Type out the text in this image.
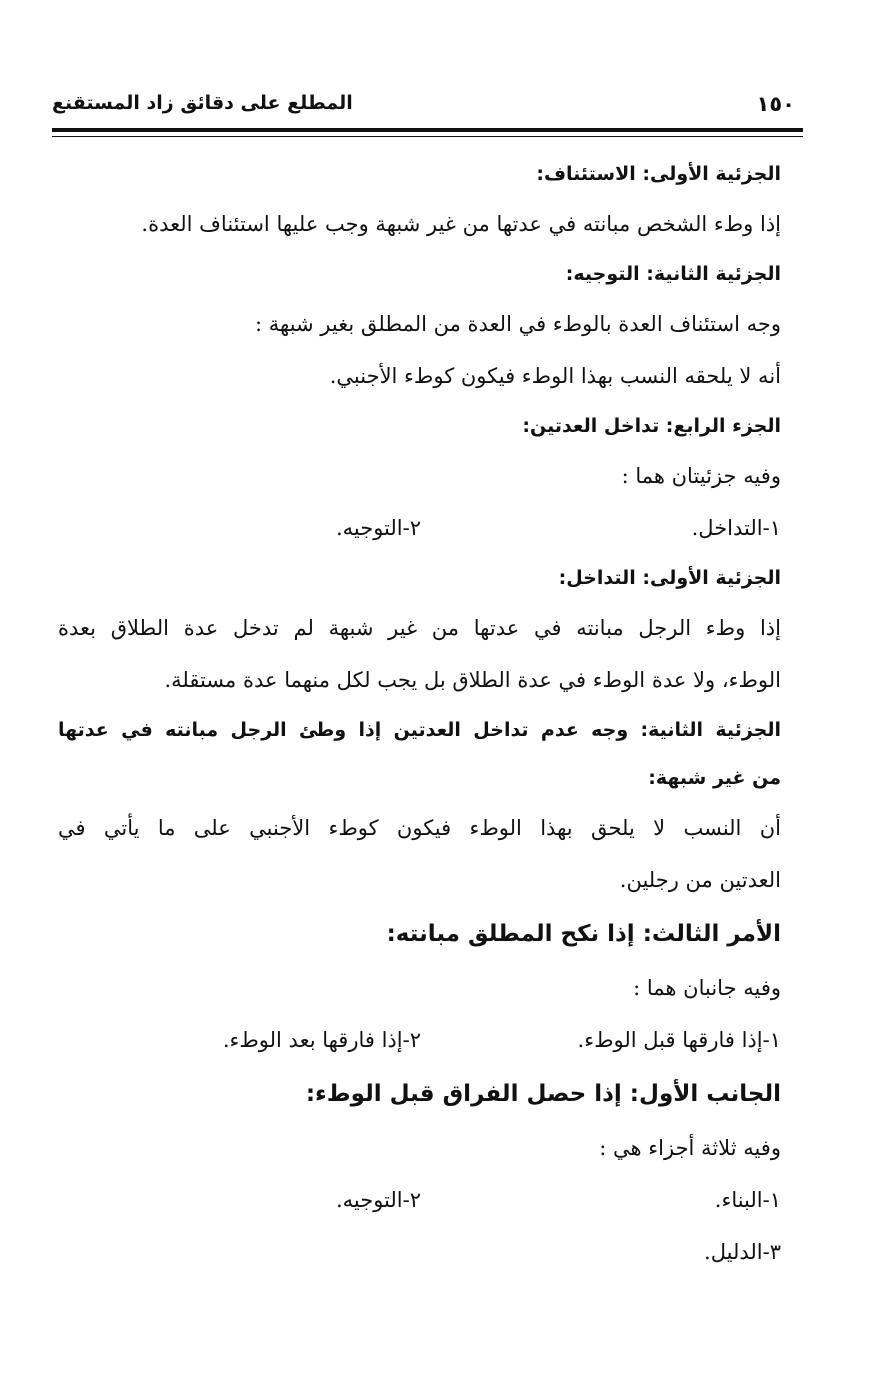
١٥٠
المطلع على دقائق زاد المستقنع
الجزئية الأولى: الاستئناف:
إذا وطء الشخص مبانته في عدتها من غير شبهة وجب عليها استئناف العدة.
الجزئية الثانية: التوجيه:
وجه استئناف العدة بالوطء في العدة من المطلق بغير شبهة :
أنه لا يلحقه النسب بهذا الوطء فيكون كوطء الأجنبي.
الجزء الرابع: تداخل العدتين:
وفيه جزئيتان هما :
١-التداخل.
٢-التوجيه.
الجزئية الأولى: التداخل:
إذا وطء الرجل مبانته في عدتها من غير شبهة لم تدخل عدة الطلاق بعدة
الوطء، ولا عدة الوطء في عدة الطلاق بل يجب لكل منهما عدة مستقلة.
الجزئية الثانية: وجه عدم تداخل العدتين إذا وطئ الرجل مبانته في عدتها
من غير شبهة:
أن النسب لا يلحق بهذا الوطء فيكون كوطء الأجنبي على ما يأتي في
العدتين من رجلين.
الأمر الثالث: إذا نكح المطلق مبانته:
وفيه جانبان هما :
١-إذا فارقها قبل الوطء.
٢-إذا فارقها بعد الوطء.
الجانب الأول: إذا حصل الفراق قبل الوطء:
وفيه ثلاثة أجزاء هي :
١-البناء.
٢-التوجيه.
٣-الدليل.
